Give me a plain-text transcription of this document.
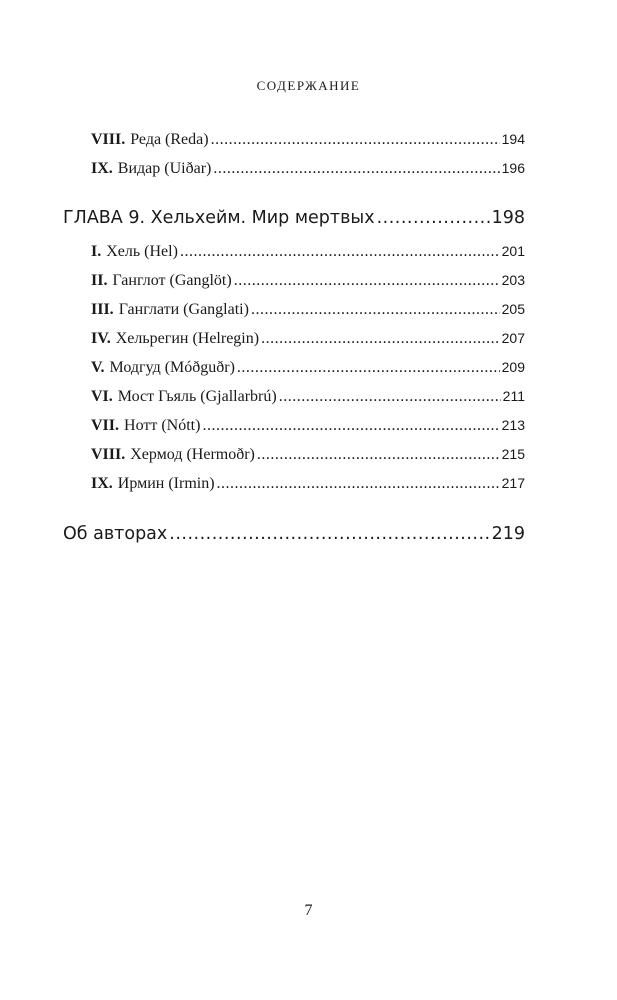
СОДЕРЖАНИЕ
VIII. Реда (Reda) .....	194
IX. Видар (Uiðar) .....	196
ГЛАВА 9. Хельхейм. Мир мертвых .....	198
I. Хель (Hel) .....	201
II. Ганглот (Ganglöt) .....	203
III. Ганглати (Ganglati) .....	205
IV. Хельрегин (Helregin) .....	207
V. Модгуд (Móðguðr) .....	209
VI. Мост Гьяль (Gjallarbrú) .....	211
VII. Нотт (Nótt) .....	213
VIII. Хермод (Hermoðr) .....	215
IX. Ирмин (Irmin) .....	217
Об авторах .....	219
7
